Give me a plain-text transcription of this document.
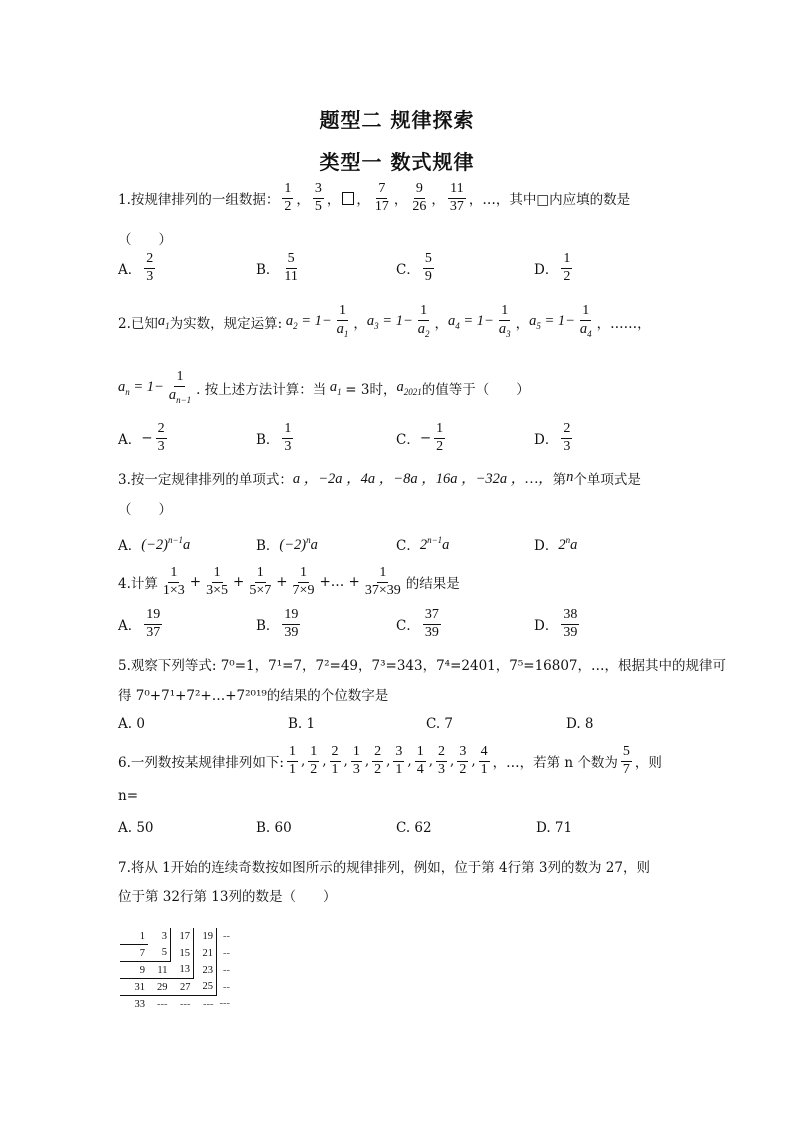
题型二 规律探索
类型一 数式规律
1.按规律排列的一组数据： $\frac{1}{2}$ ， $\frac{3}{5}$ ，
， $\frac{7}{17}$ ， $\frac{9}{26}$ ， $\frac{11}{37}$ ，…，其中□内应填的数是
（　　）
A． $\frac{2}{3}$	B． $\frac{5}{11}$	C． $\frac{5}{9}$	D． $\frac{1}{2}$
2.已知 $a_1$ 为实数，规定运算: $a_2 = 1- \frac{1}{a_1}$ ， $a_3 = 1- \frac{1}{a_2}$ ， $a_4 = 1- \frac{1}{a_3}$ ， $a_5 = 1- \frac{1}{a_4}$ ，……，
$a_n = 1- \frac{1}{a_{n-1}}$ . 按上述方法计算：当 $a_1 = 3$时， $a_{2021}$ 的值等于（　　）
A． − $\frac{2}{3}$	B． $\frac{1}{3}$	C． − $\frac{1}{2}$	D． $\frac{2}{3}$
3.按一定规律排列的单项式： a ，−2a ，4a ，−8a ，16a ，−32a ，…， 第 n 个单项式是
（　　）
A． $(-2)^{n-1}a$	B． $(-2)^na$	C． $2^{n-1}a$	D． 2$^n$a
4.计算 $\frac{1}{1\times 3} + \frac{1}{3\times 5} + \frac{1}{5\times 7} + \frac{1}{7\times 9}$ +… + $\frac{1}{37\times 39}$ 的结果是
A． $\frac{19}{37}$	B． $\frac{19}{39}$	C． $\frac{37}{39}$	D． $\frac{38}{39}$
5.观察下列等式: 7⁰=1，7¹=7，7²=49，7³=343，7⁴=2401，7⁵=16807，…，根据其中的规律可
得 7⁰+7¹+7²+…+7²⁰¹⁹的结果的个位数字是
A. 0	B. 1	C. 7	D. 8
6.一列数按某规律排列如下: $\frac{1}{1}$ , $\frac{1}{2}$ , $\frac{2}{1}$ , $\frac{1}{3}$ , $\frac{2}{2}$ , $\frac{3}{1}$ , $\frac{1}{4}$ , $\frac{2}{3}$ , $\frac{3}{2}$ , $\frac{4}{1}$ ，…，若第 n 个数为 $\frac{5}{7}$ ，则
n=
A. 50	B. 60	C. 62	D. 71
7.将从 1开始的连续奇数按如图所示的规律排列，例如，位于第 4行第 3列的数为 27，则
位于第 32行第 13列的数是（　　）
1	3	17	19	--
7	5	15	21	--
9	11	13	23	--
31	29	27	25	--
33	---	---	---	---
